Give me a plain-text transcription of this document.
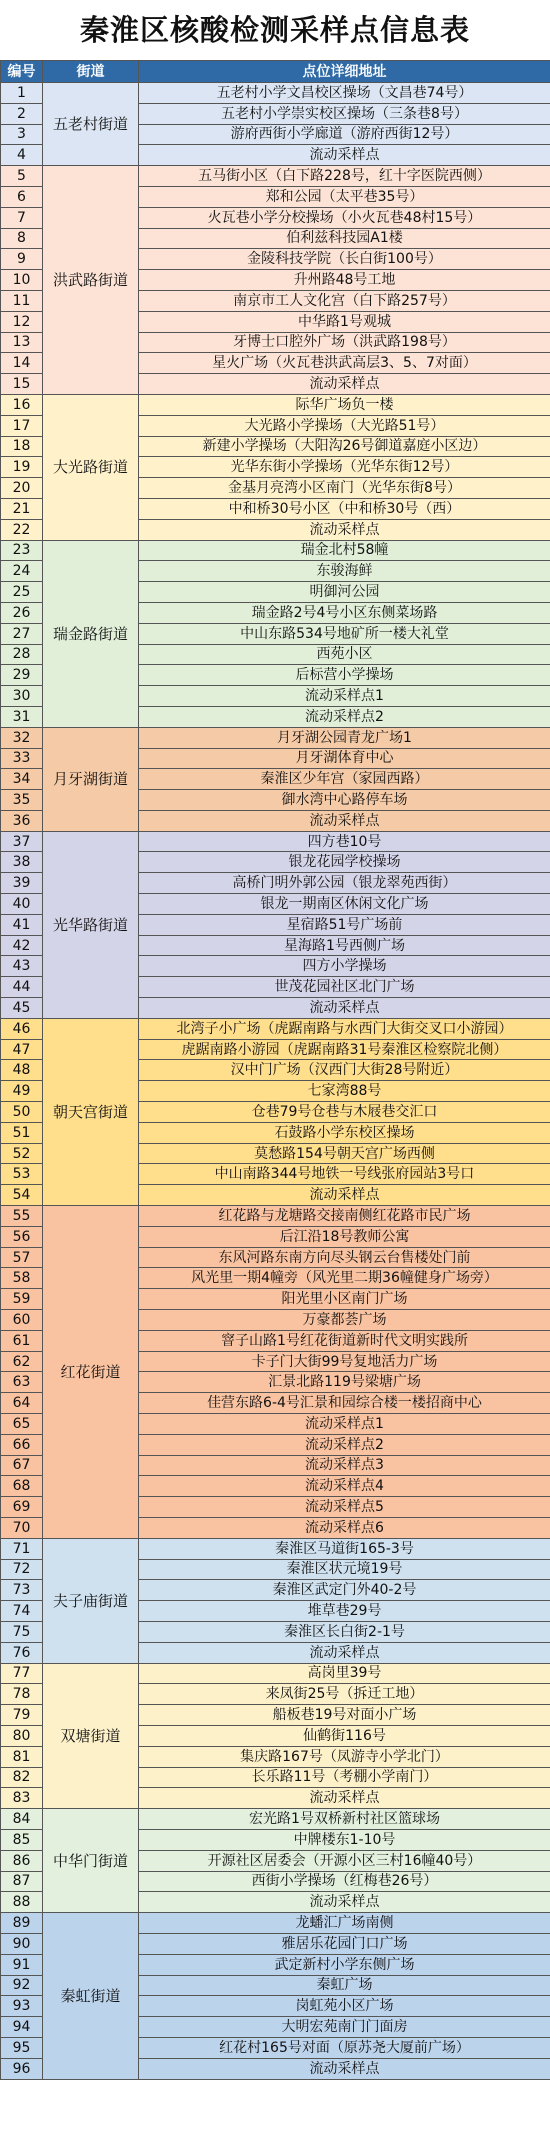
秦淮区核酸检测采样点信息表
编号	街道	点位详细地址
1	五老村街道	五老村小学文昌校区操场（文昌巷74号）
2		五老村小学崇实校区操场（三条巷8号）
3		游府西街小学廊道（游府西街12号）
4		流动采样点
5	洪武路街道	五马街小区（白下路228号，红十字医院西侧）
6		郑和公园（太平巷35号）
7		火瓦巷小学分校操场（小火瓦巷48村15号）
8		伯利兹科技园A1楼
9		金陵科技学院（长白街100号）
10		升州路48号工地
11		南京市工人文化宫（白下路257号）
12		中华路1号观城
13		牙博士口腔外广场（洪武路198号）
14		星火广场（火瓦巷洪武高层3、5、7对面）
15		流动采样点
16	大光路街道	际华广场负一楼
17		大光路小学操场（大光路51号）
18		新建小学操场（大阳沟26号御道嘉庭小区边）
19		光华东街小学操场（光华东街12号）
20		金基月亮湾小区南门（光华东街8号）
21		中和桥30号小区（中和桥30号（西）
22		流动采样点
23	瑞金路街道	瑞金北村58幢
24		东骏海鲜
25		明御河公园
26		瑞金路2号4号小区东侧菜场路
27		中山东路534号地矿所一楼大礼堂
28		西苑小区
29		后标营小学操场
30		流动采样点1
31		流动采样点2
32	月牙湖街道	月牙湖公园青龙广场1
33		月牙湖体育中心
34		秦淮区少年宫（家园西路）
35		御水湾中心路停车场
36		流动采样点
37	光华路街道	四方巷10号
38		银龙花园学校操场
39		高桥门明外郭公园（银龙翠苑西街）
40		银龙一期南区休闲文化广场
41		星宿路51号广场前
42		星海路1号西侧广场
43		四方小学操场
44		世茂花园社区北门广场
45		流动采样点
46	朝天宫街道	北湾子小广场（虎踞南路与水西门大街交叉口小游园）
47		虎踞南路小游园（虎踞南路31号秦淮区检察院北侧）
48		汉中门广场（汉西门大街28号附近）
49		七家湾88号
50		仓巷79号仓巷与木屐巷交汇口
51		石鼓路小学东校区操场
52		莫愁路154号朝天宫广场西侧
53		中山南路344号地铁一号线张府园站3号口
54		流动采样点
55	红花街道	红花路与龙塘路交接南侧红花路市民广场
56		后江沿18号教师公寓
57		东风河路东南方向尽头钢云台售楼处门前
58		风光里一期4幢旁（风光里二期36幢健身广场旁）
59		阳光里小区南门广场
60		万豪都荟广场
61		窨子山路1号红花街道新时代文明实践所
62		卡子门大街99号复地活力广场
63		汇景北路119号梁塘广场
64		佳营东路6-4号汇景和园综合楼一楼招商中心
65		流动采样点1
66		流动采样点2
67		流动采样点3
68		流动采样点4
69		流动采样点5
70		流动采样点6
71	夫子庙街道	秦淮区马道街165-3号
72		秦淮区状元境19号
73		秦淮区武定门外40-2号
74		堆草巷29号
75		秦淮区长白街2-1号
76		流动采样点
77	双塘街道	高岗里39号
78		来凤街25号（拆迁工地）
79		船板巷19号对面小广场
80		仙鹤街116号
81		集庆路167号（凤游寺小学北门）
82		长乐路11号（考棚小学南门）
83		流动采样点
84	中华门街道	宏光路1号双桥新村社区篮球场
85		中牌楼东1-10号
86		开源社区居委会（开源小区三村16幢40号）
87		西街小学操场（红梅巷26号）
88		流动采样点
89	秦虹街道	龙蟠汇广场南侧
90		雅居乐花园门口广场
91		武定新村小学东侧广场
92		秦虹广场
93		岗虹苑小区广场
94		大明宏苑南门门面房
95		红花村165号对面（原苏尧大厦前广场）
96		流动采样点
